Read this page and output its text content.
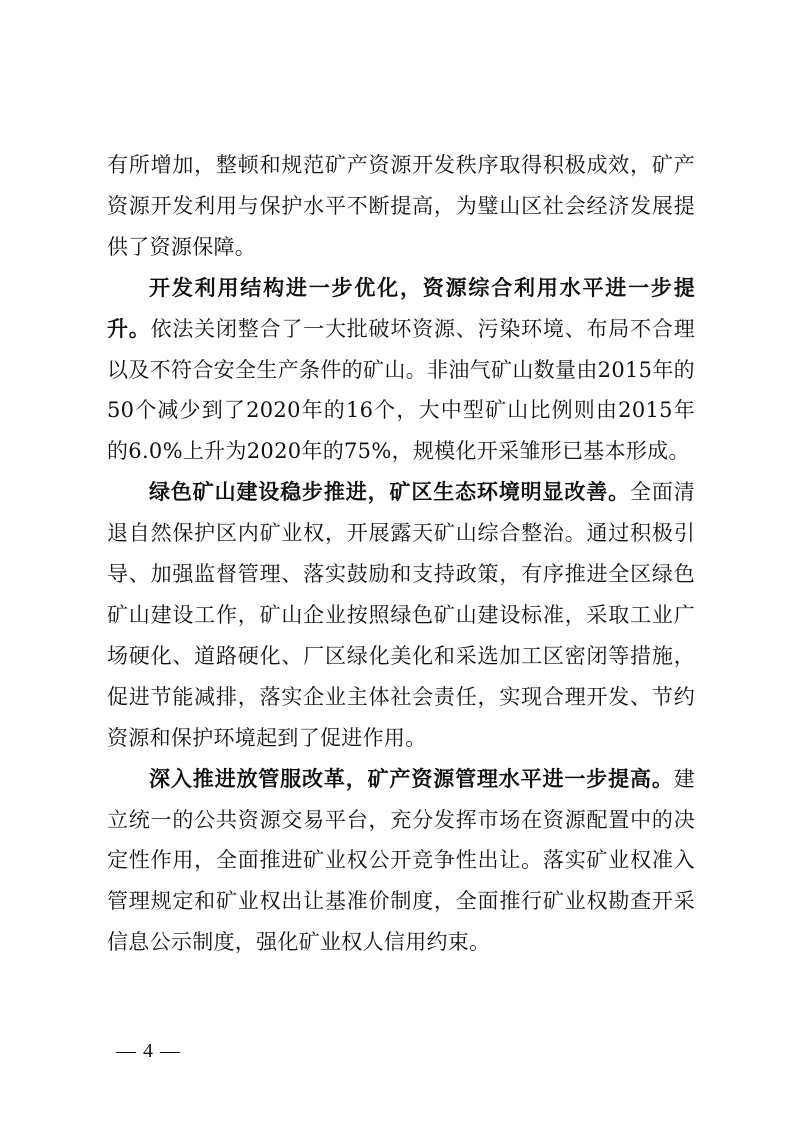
有所增加，整顿和规范矿产资源开发秩序取得积极成效，矿产资源开发利用与保护水平不断提高，为璧山区社会经济发展提供了资源保障。

开发利用结构进一步优化，资源综合利用水平进一步提升。依法关闭整合了一大批破坏资源、污染环境、布局不合理以及不符合安全生产条件的矿山。非油气矿山数量由2015年的50个减少到了2020年的16个，大中型矿山比例则由2015年的6.0%上升为2020年的75%，规模化开采雏形已基本形成。

绿色矿山建设稳步推进，矿区生态环境明显改善。全面清退自然保护区内矿业权，开展露天矿山综合整治。通过积极引导、加强监督管理、落实鼓励和支持政策，有序推进全区绿色矿山建设工作，矿山企业按照绿色矿山建设标准，采取工业广场硬化、道路硬化、厂区绿化美化和采选加工区密闭等措施，促进节能减排，落实企业主体社会责任，实现合理开发、节约资源和保护环境起到了促进作用。

深入推进放管服改革，矿产资源管理水平进一步提高。建立统一的公共资源交易平台，充分发挥市场在资源配置中的决定性作用，全面推进矿业权公开竞争性出让。落实矿业权准入管理规定和矿业权出让基准价制度，全面推行矿业权勘查开采信息公示制度，强化矿业权人信用约束。

— 4 —
